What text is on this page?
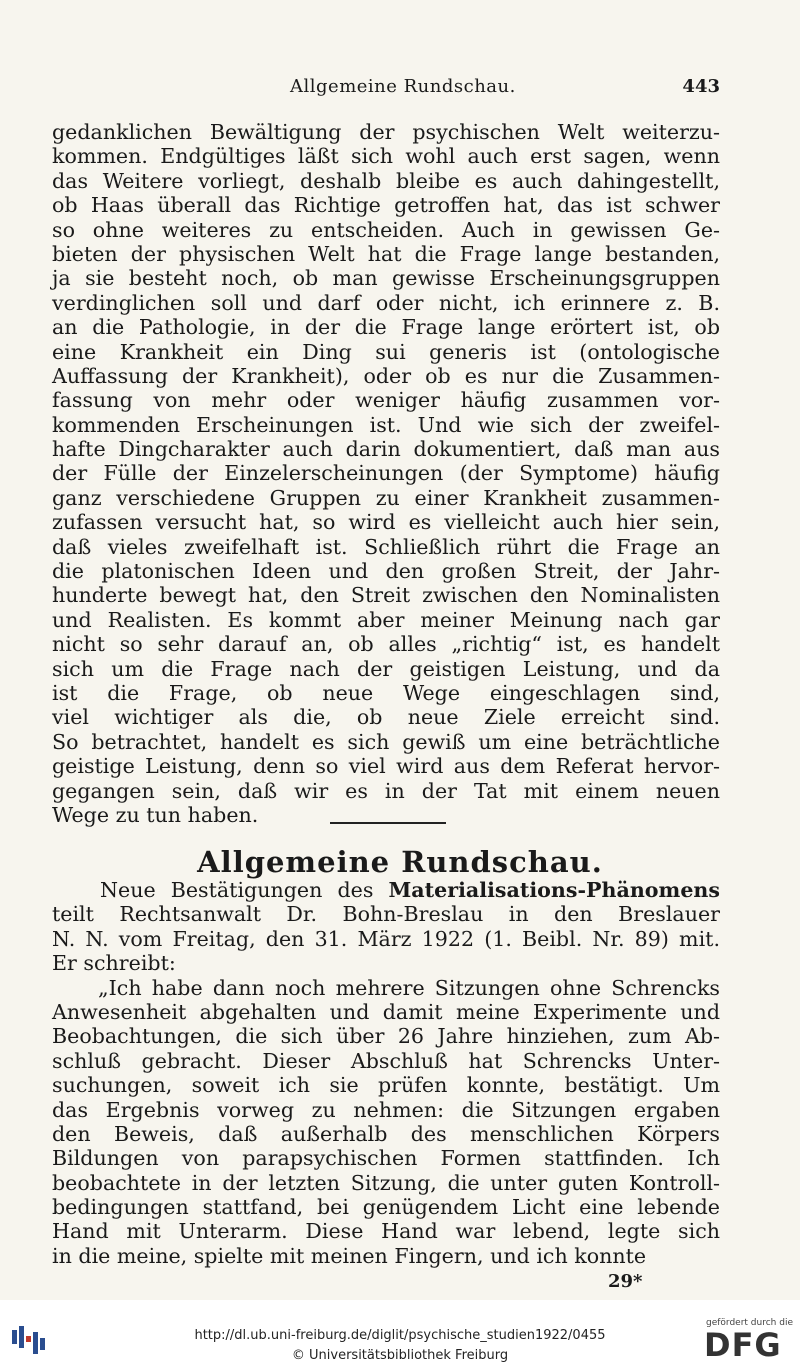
Allgemeine Rundschau.	443
gedanklichen Bewältigung der psychischen Welt weiterzu-
kommen. Endgültiges läßt sich wohl auch erst sagen, wenn
das Weitere vorliegt, deshalb bleibe es auch dahingestellt,
ob Haas überall das Richtige getroffen hat, das ist schwer
so ohne weiteres zu entscheiden. Auch in gewissen Ge-
bieten der physischen Welt hat die Frage lange bestanden,
ja sie besteht noch, ob man gewisse Erscheinungsgruppen
verdinglichen soll und darf oder nicht, ich erinnere z. B.
an die Pathologie, in der die Frage lange erörtert ist, ob
eine Krankheit ein Ding sui generis ist (ontologische
Auffassung der Krankheit), oder ob es nur die Zusammen-
fassung von mehr oder weniger häufig zusammen vor-
kommenden Erscheinungen ist. Und wie sich der zweifel-
hafte Dingcharakter auch darin dokumentiert, daß man aus
der Fülle der Einzelerscheinungen (der Symptome) häufig
ganz verschiedene Gruppen zu einer Krankheit zusammen-
zufassen versucht hat, so wird es vielleicht auch hier sein,
daß vieles zweifelhaft ist. Schließlich rührt die Frage an
die platonischen Ideen und den großen Streit, der Jahr-
hunderte bewegt hat, den Streit zwischen den Nominalisten
und Realisten. Es kommt aber meiner Meinung nach gar
nicht so sehr darauf an, ob alles „richtig“ ist, es handelt
sich um die Frage nach der geistigen Leistung, und da
ist die Frage, ob neue Wege eingeschlagen sind,
viel wichtiger als die, ob neue Ziele erreicht sind.
So betrachtet, handelt es sich gewiß um eine beträchtliche
geistige Leistung, denn so viel wird aus dem Referat hervor-
gegangen sein, daß wir es in der Tat mit einem neuen
Wege zu tun haben.
Allgemeine Rundschau.
Neue Bestätigungen des Materialisations-Phänomens
teilt Rechtsanwalt Dr. Bohn-Breslau in den Breslauer
N. N. vom Freitag, den 31. März 1922 (1. Beibl. Nr. 89) mit.
Er schreibt:
„Ich habe dann noch mehrere Sitzungen ohne Schrencks
Anwesenheit abgehalten und damit meine Experimente und
Beobachtungen, die sich über 26 Jahre hinziehen, zum Ab-
schluß gebracht. Dieser Abschluß hat Schrencks Unter-
suchungen, soweit ich sie prüfen konnte, bestätigt. Um
das Ergebnis vorweg zu nehmen: die Sitzungen ergaben
den Beweis, daß außerhalb des menschlichen Körpers
Bildungen von parapsychischen Formen stattfinden. Ich
beobachtete in der letzten Sitzung, die unter guten Kontroll-
bedingungen stattfand, bei genügendem Licht eine lebende
Hand mit Unterarm. Diese Hand war lebend, legte sich
in die meine, spielte mit meinen Fingern, und ich konnte
29*
http://dl.ub.uni-freiburg.de/diglit/psychische_studien1922/0455
© Universitätsbibliothek Freiburg
gefördert durch die
DFG
